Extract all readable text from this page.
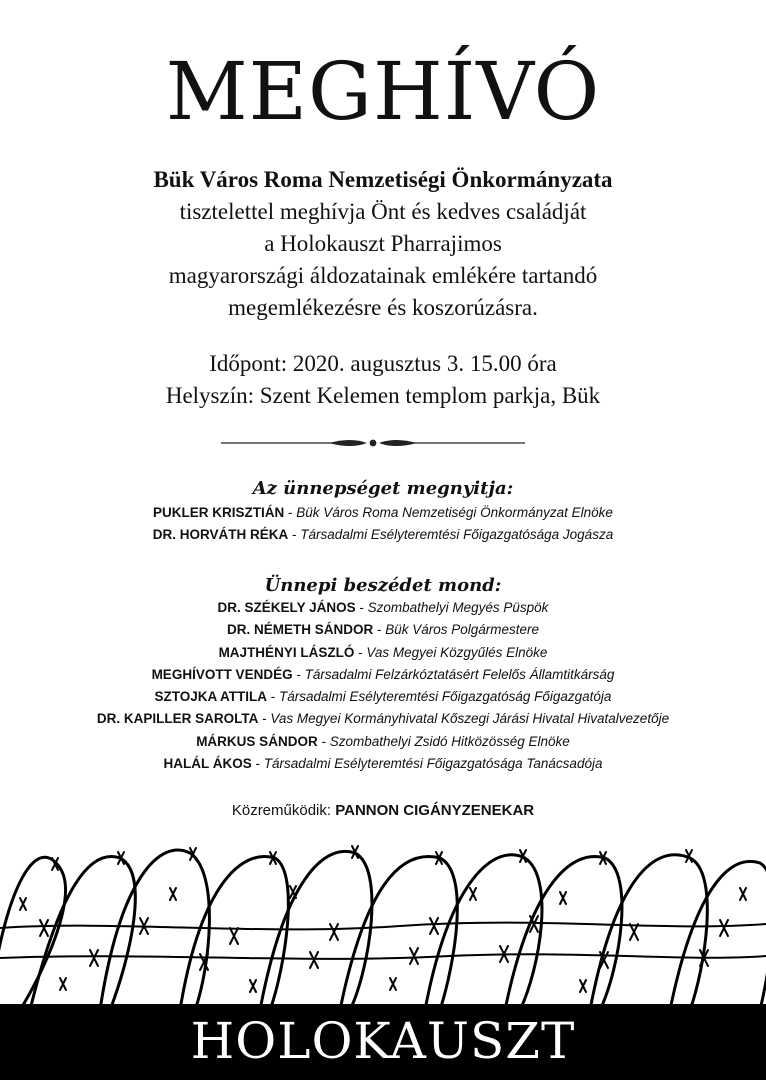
MEGHÍVÓ
Bük Város Roma Nemzetiségi Önkormányzata
tisztelettel meghívja Önt és kedves családját
a Holokauszt Pharrajimos
magyarországi áldozatainak emlékére tartandó
megemlékezésre és koszorúzásra.
Időpont: 2020. augusztus 3. 15.00 óra
Helyszín: Szent Kelemen templom parkja, Bük
Az ünnepséget megnyitja:
PUKLER KRISZTIÁN - Bük Város Roma Nemzetiségi Önkormányzat Elnöke
DR. HORVÁTH RÉKA - Társadalmi Esélyteremtési Főigazgatósága Jogásza
Ünnepi beszédet mond:
DR. SZÉKELY JÁNOS - Szombathelyi Megyés Püspök
DR. NÉMETH SÁNDOR - Bük Város Polgármestere
MAJTHÉNYI LÁSZLÓ - Vas Megyei Közgyűlés Elnöke
MEGHÍVOTT VENDÉG - Társadalmi Felzárkóztatásért Felelős Államtitkárság
SZTOJKA ATTILA - Társadalmi Esélyteremtési Főigazgatóság Főigazgatója
DR. KAPILLER SAROLTA - Vas Megyei Kormányhivatal Kőszegi Járási Hivatal Hivatalvezetője
MÁRKUS SÁNDOR - Szombathelyi Zsidó Hitközösség Elnöke
HALÁL ÁKOS - Társadalmi Esélyteremtési Főigazgatósága Tanácsadója
Közreműködik: PANNON CIGÁNYZENEKAR
HOLOKAUSZT
